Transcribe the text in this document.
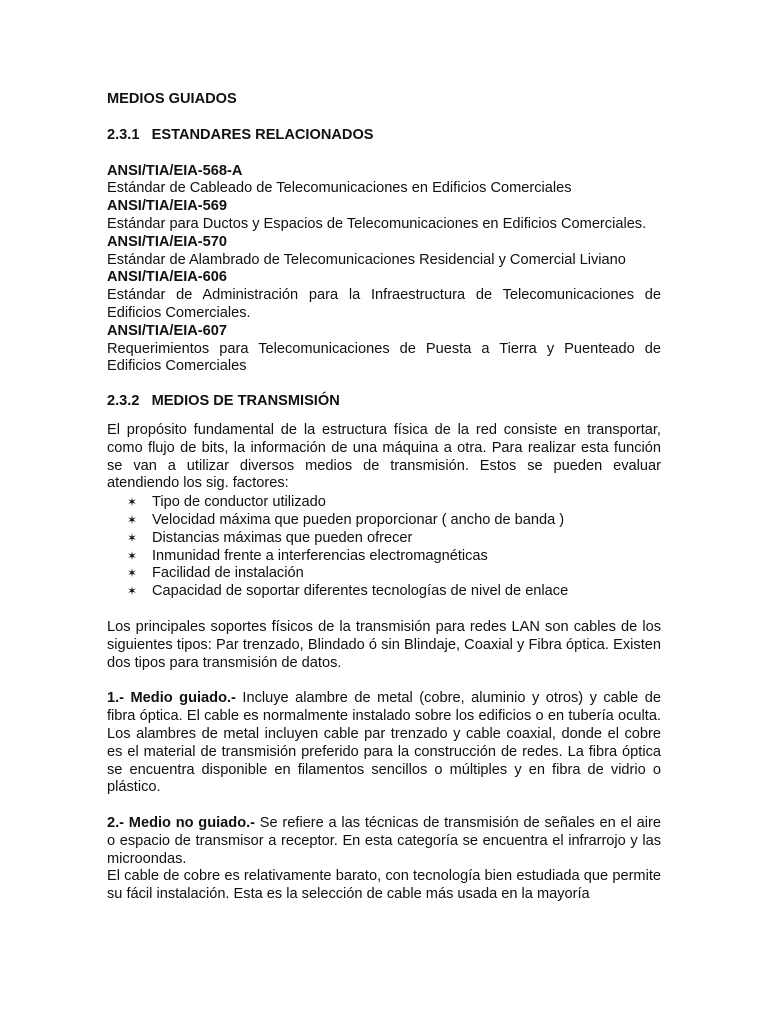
MEDIOS GUIADOS

2.3.1 ESTANDARES RELACIONADOS

ANSI/TIA/EIA-568-A
Estándar de Cableado de Telecomunicaciones en Edificios Comerciales
ANSI/TIA/EIA-569
Estándar para Ductos y Espacios de Telecomunicaciones en Edificios Comerciales.
ANSI/TIA/EIA-570
Estándar de Alambrado de Telecomunicaciones Residencial y Comercial Liviano
ANSI/TIA/EIA-606
Estándar de Administración para la Infraestructura de Telecomunicaciones de Edificios Comerciales.
ANSI/TIA/EIA-607
Requerimientos para Telecomunicaciones de Puesta a Tierra y Puenteado de Edificios Comerciales

2.3.2 MEDIOS DE TRANSMISIÓN

El propósito fundamental de la estructura física de la red consiste en transportar, como flujo de bits, la información de una máquina a otra. Para realizar esta función se van a utilizar diversos medios de transmisión. Estos se pueden evaluar atendiendo los sig. factores:

✶ Tipo de conductor utilizado
✶ Velocidad máxima que pueden proporcionar ( ancho de banda )
✶ Distancias máximas que pueden ofrecer
✶ Inmunidad frente a interferencias electromagnéticas
✶ Facilidad de instalación
✶ Capacidad de soportar diferentes tecnologías de nivel de enlace

Los principales soportes físicos de la transmisión para redes LAN son cables de los siguientes tipos: Par trenzado, Blindado ó sin Blindaje, Coaxial y Fibra óptica. Existen dos tipos para transmisión de datos.

1.- Medio guiado.- Incluye alambre de metal (cobre, aluminio y otros) y cable de fibra óptica. El cable es normalmente instalado sobre los edificios o en tubería oculta. Los alambres de metal incluyen cable par trenzado y cable coaxial, donde el cobre es el material de transmisión preferido para la construcción de redes. La fibra óptica se encuentra disponible en filamentos sencillos o múltiples y en fibra de vidrio o plástico.

2.- Medio no guiado.- Se refiere a las técnicas de transmisión de señales en el aire o espacio de transmisor a receptor. En esta categoría se encuentra el infrarrojo y las microondas.

El cable de cobre es relativamente barato, con tecnología bien estudiada que permite su fácil instalación. Esta es la selección de cable más usada en la mayoría
